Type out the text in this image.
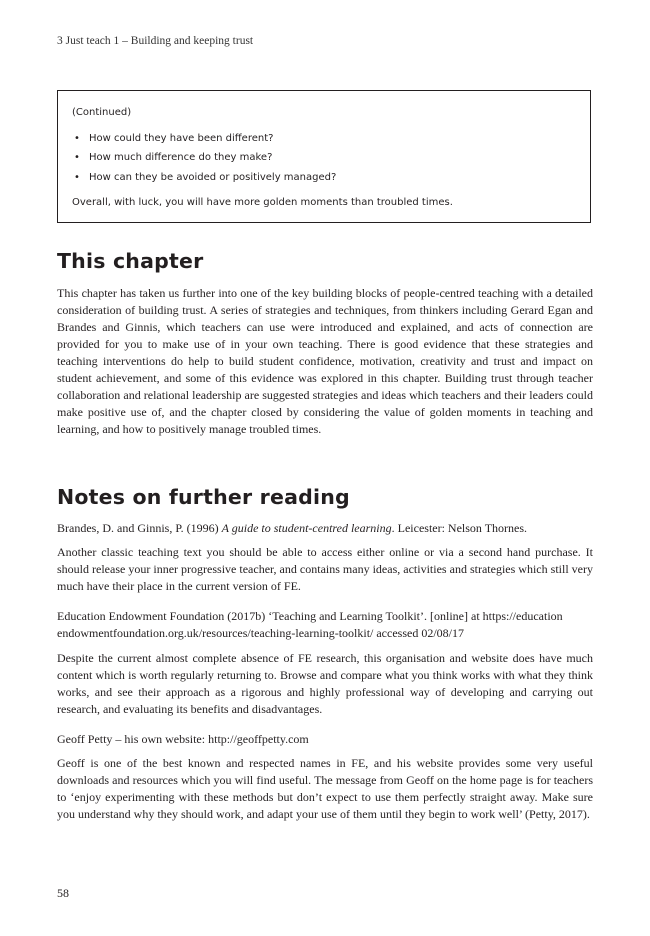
3 Just teach 1 – Building and keeping trust

(Continued)

• How could they have been different?
• How much difference do they make?
• How can they be avoided or positively managed?

Overall, with luck, you will have more golden moments than troubled times.

This chapter

This chapter has taken us further into one of the key building blocks of people-centred teaching with a detailed consideration of building trust. A series of strategies and techniques, from thinkers including Gerard Egan and Brandes and Ginnis, which teachers can use were introduced and explained, and acts of connection are provided for you to make use of in your own teaching. There is good evidence that these strategies and teaching interventions do help to build student confidence, motivation, creativity and trust and impact on student achievement, and some of this evidence was explored in this chapter. Building trust through teacher collaboration and relational leadership are suggested strategies and ideas which teachers and their leaders could make positive use of, and the chapter closed by considering the value of golden moments in teaching and learning, and how to positively manage troubled times.

Notes on further reading

Brandes, D. and Ginnis, P. (1996) A guide to student-centred learning. Leicester: Nelson Thornes.

Another classic teaching text you should be able to access either online or via a second hand purchase. It should release your inner progressive teacher, and contains many ideas, activities and strategies which still very much have their place in the current version of FE.

Education Endowment Foundation (2017b) ‘Teaching and Learning Toolkit’. [online] at https://education
endowmentfoundation.org.uk/resources/teaching-learning-toolkit/ accessed 02/08/17

Despite the current almost complete absence of FE research, this organisation and website does have much content which is worth regularly returning to. Browse and compare what you think works with what they think works, and see their approach as a rigorous and highly professional way of developing and carrying out research, and evaluating its benefits and disadvantages.

Geoff Petty – his own website: http://geoffpetty.com

Geoff is one of the best known and respected names in FE, and his website provides some very useful downloads and resources which you will find useful. The message from Geoff on the home page is for teachers to ‘enjoy experimenting with these methods but don’t expect to use them perfectly straight away. Make sure you understand why they should work, and adapt your use of them until they begin to work well’ (Petty, 2017).

58
